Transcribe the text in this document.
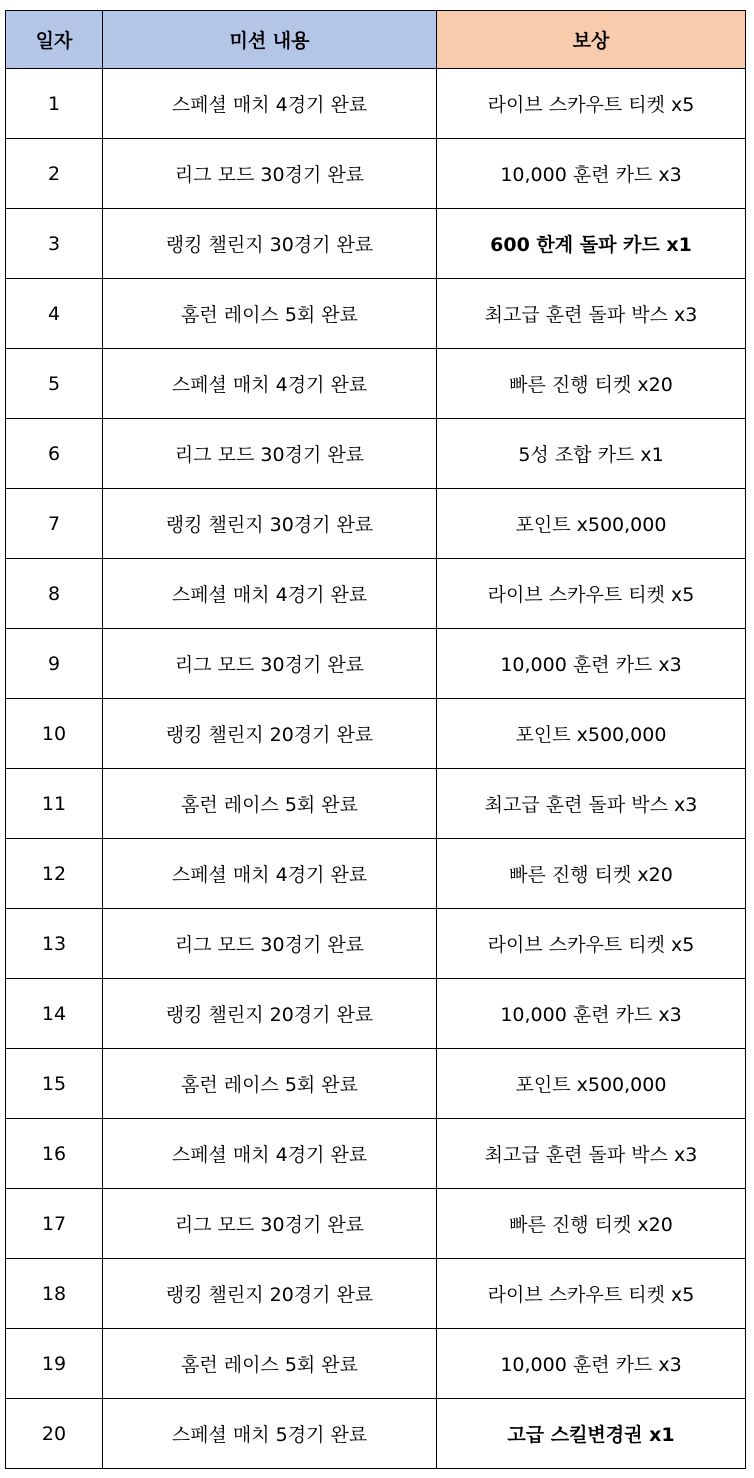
일자	미션 내용	보상
1	스페셜 매치 4경기 완료	라이브 스카우트 티켓 x5
2	리그 모드 30경기 완료	10,000 훈련 카드 x3
3	랭킹 챌린지 30경기 완료	600 한계 돌파 카드 x1
4	홈런 레이스 5회 완료	최고급 훈련 돌파 박스 x3
5	스페셜 매치 4경기 완료	빠른 진행 티켓 x20
6	리그 모드 30경기 완료	5성 조합 카드 x1
7	랭킹 챌린지 30경기 완료	포인트 x500,000
8	스페셜 매치 4경기 완료	라이브 스카우트 티켓 x5
9	리그 모드 30경기 완료	10,000 훈련 카드 x3
10	랭킹 챌린지 20경기 완료	포인트 x500,000
11	홈런 레이스 5회 완료	최고급 훈련 돌파 박스 x3
12	스페셜 매치 4경기 완료	빠른 진행 티켓 x20
13	리그 모드 30경기 완료	라이브 스카우트 티켓 x5
14	랭킹 챌린지 20경기 완료	10,000 훈련 카드 x3
15	홈런 레이스 5회 완료	포인트 x500,000
16	스페셜 매치 4경기 완료	최고급 훈련 돌파 박스 x3
17	리그 모드 30경기 완료	빠른 진행 티켓 x20
18	랭킹 챌린지 20경기 완료	라이브 스카우트 티켓 x5
19	홈런 레이스 5회 완료	10,000 훈련 카드 x3
20	스페셜 매치 5경기 완료	고급 스킬변경권 x1
